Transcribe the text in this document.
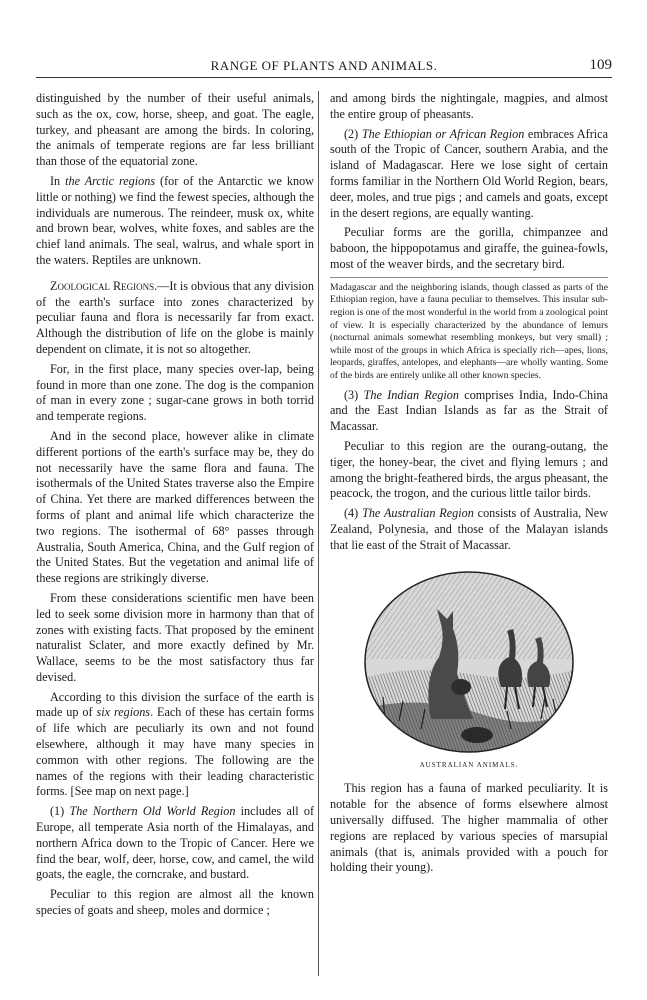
RANGE OF PLANTS AND ANIMALS.	109

distinguished by the number of their useful animals, such as the ox, cow, horse, sheep, and goat. The eagle, turkey, and pheasant are among the birds. In coloring, the animals of temperate regions are far less brilliant than those of the equatorial zone.

In the Arctic regions (for of the Antarctic we know little or nothing) we find the fewest species, although the individuals are numerous. The reindeer, musk ox, white and brown bear, wolves, white foxes, and sables are the chief land animals. The seal, walrus, and whale sport in the waters. Reptiles are unknown.

Zoological Regions.—It is obvious that any division of the earth's surface into zones characterized by peculiar fauna and flora is necessarily far from exact. Although the distribution of life on the globe is mainly dependent on climate, it is not so altogether.

For, in the first place, many species over-lap, being found in more than one zone. The dog is the companion of man in every zone ; sugar-cane grows in both torrid and temperate regions.

And in the second place, however alike in climate different portions of the earth's surface may be, they do not necessarily have the same flora and fauna. The isothermals of the United States traverse also the Empire of China. Yet there are marked differences between the forms of plant and animal life which characterize the two regions. The isothermal of 68° passes through Australia, South America, China, and the Gulf region of the United States. But the vegetation and animal life of these regions are strikingly diverse.

From these considerations scientific men have been led to seek some division more in harmony than that of zones with existing facts. That proposed by the eminent naturalist Sclater, and more exactly defined by Mr. Wallace, seems to be the most satisfactory thus far devised.

According to this division the surface of the earth is made up of six regions. Each of these has certain forms of life which are peculiarly its own and not found elsewhere, although it may have many species in common with other regions. The following are the names of the regions with their leading characteristic forms. [See map on next page.]

(1) The Northern Old World Region includes all of Europe, all temperate Asia north of the Himalayas, and northern Africa down to the Tropic of Cancer. Here we find the bear, wolf, deer, horse, cow, and camel, the wild goats, the eagle, the corncrake, and bustard.

Peculiar to this region are almost all the known species of goats and sheep, moles and dormice ;

and among birds the nightingale, magpies, and almost the entire group of pheasants.

(2) The Ethiopian or African Region embraces Africa south of the Tropic of Cancer, southern Arabia, and the island of Madagascar. Here we lose sight of certain forms familiar in the Northern Old World Region, bears, deer, moles, and true pigs ; and camels and goats, except in the desert regions, are equally wanting.

Peculiar forms are the gorilla, chimpanzee and baboon, the hippopotamus and giraffe, the guinea-fowls, most of the weaver birds, and the secretary bird.

Madagascar and the neighboring islands, though classed as parts of the Ethiopian region, have a fauna peculiar to themselves. This insular sub-region is one of the most wonderful in the world from a zoological point of view. It is especially characterized by the abundance of lemurs (nocturnal animals somewhat resembling monkeys, but very small) ; while most of the groups in which Africa is specially rich—apes, lions, leopards, giraffes, antelopes, and elephants—are wholly wanting. Some of the birds are entirely unlike all other known species.

(3) The Indian Region comprises India, Indo-China and the East Indian Islands as far as the Strait of Macassar.

Peculiar to this region are the ourang-outang, the tiger, the honey-bear, the civet and flying lemurs ; and among the bright-feathered birds, the argus pheasant, the peacock, the trogon, and the curious little tailor birds.

(4) The Australian Region consists of Australia, New Zealand, Polynesia, and those of the Malayan islands that lie east of the Strait of Macassar.

AUSTRALIAN ANIMALS.

This region has a fauna of marked peculiarity. It is notable for the absence of forms elsewhere almost universally diffused. The higher mammalia of other regions are replaced by various species of marsupial animals (that is, animals provided with a pouch for holding their young).
